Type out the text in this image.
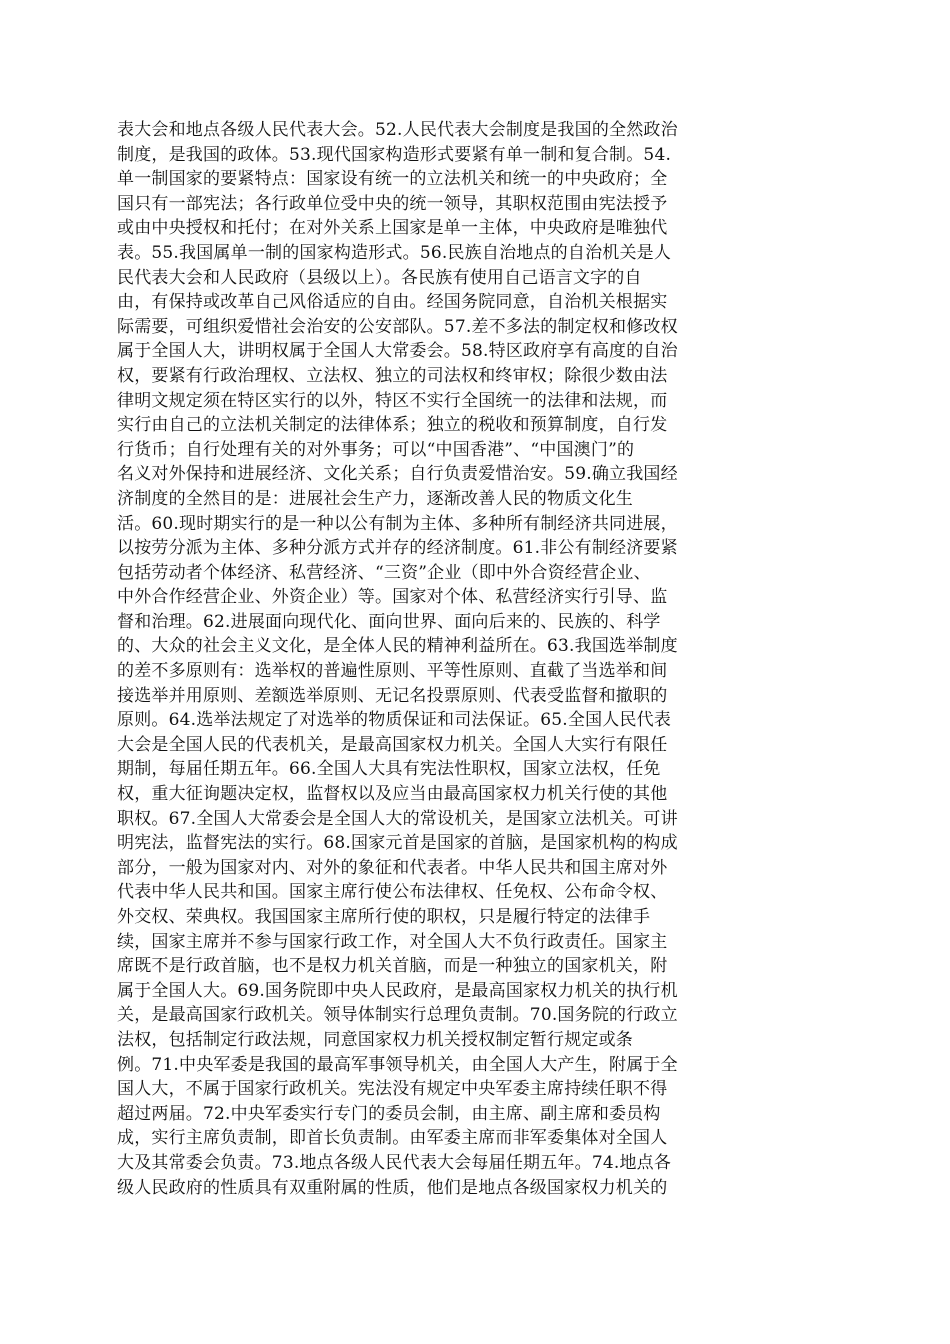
表大会和地点各级人民代表大会。52.人民代表大会制度是我国的全然政治
制度，是我国的政体。53.现代国家构造形式要紧有单一制和复合制。54.
单一制国家的要紧特点：国家设有统一的立法机关和统一的中央政府；全
国只有一部宪法；各行政单位受中央的统一领导，其职权范围由宪法授予
或由中央授权和托付；在对外关系上国家是单一主体，中央政府是唯独代
表。55.我国属单一制的国家构造形式。56.民族自治地点的自治机关是人
民代表大会和人民政府（县级以上）。各民族有使用自己语言文字的自
由，有保持或改革自己风俗适应的自由。经国务院同意，自治机关根据实
际需要，可组织爱惜社会治安的公安部队。57.差不多法的制定权和修改权
属于全国人大，讲明权属于全国人大常委会。58.特区政府享有高度的自治
权，要紧有行政治理权、立法权、独立的司法权和终审权；除很少数由法
律明文规定须在特区实行的以外，特区不实行全国统一的法律和法规，而
实行由自己的立法机关制定的法律体系；独立的税收和预算制度，自行发
行货币；自行处理有关的对外事务；可以“中国香港”、“中国澳门”的
名义对外保持和进展经济、文化关系；自行负责爱惜治安。59.确立我国经
济制度的全然目的是：进展社会生产力，逐渐改善人民的物质文化生
活。60.现时期实行的是一种以公有制为主体、多种所有制经济共同进展，
以按劳分派为主体、多种分派方式并存的经济制度。61.非公有制经济要紧
包括劳动者个体经济、私营经济、“三资”企业（即中外合资经营企业、
中外合作经营企业、外资企业）等。国家对个体、私营经济实行引导、监
督和治理。62.进展面向现代化、面向世界、面向后来的、民族的、科学
的、大众的社会主义文化，是全体人民的精神利益所在。63.我国选举制度
的差不多原则有：选举权的普遍性原则、平等性原则、直截了当选举和间
接选举并用原则、差额选举原则、无记名投票原则、代表受监督和撤职的
原则。64.选举法规定了对选举的物质保证和司法保证。65.全国人民代表
大会是全国人民的代表机关，是最高国家权力机关。全国人大实行有限任
期制，每届任期五年。66.全国人大具有宪法性职权，国家立法权，任免
权，重大征询题决定权，监督权以及应当由最高国家权力机关行使的其他
职权。67.全国人大常委会是全国人大的常设机关，是国家立法机关。可讲
明宪法，监督宪法的实行。68.国家元首是国家的首脑，是国家机构的构成
部分，一般为国家对内、对外的象征和代表者。中华人民共和国主席对外
代表中华人民共和国。国家主席行使公布法律权、任免权、公布命令权、
外交权、荣典权。我国国家主席所行使的职权，只是履行特定的法律手
续，国家主席并不参与国家行政工作，对全国人大不负行政责任。国家主
席既不是行政首脑，也不是权力机关首脑，而是一种独立的国家机关，附
属于全国人大。69.国务院即中央人民政府，是最高国家权力机关的执行机
关，是最高国家行政机关。领导体制实行总理负责制。70.国务院的行政立
法权，包括制定行政法规，同意国家权力机关授权制定暂行规定或条
例。71.中央军委是我国的最高军事领导机关，由全国人大产生，附属于全
国人大，不属于国家行政机关。宪法没有规定中央军委主席持续任职不得
超过两届。72.中央军委实行专门的委员会制，由主席、副主席和委员构
成，实行主席负责制，即首长负责制。由军委主席而非军委集体对全国人
大及其常委会负责。73.地点各级人民代表大会每届任期五年。74.地点各
级人民政府的性质具有双重附属的性质，他们是地点各级国家权力机关的
